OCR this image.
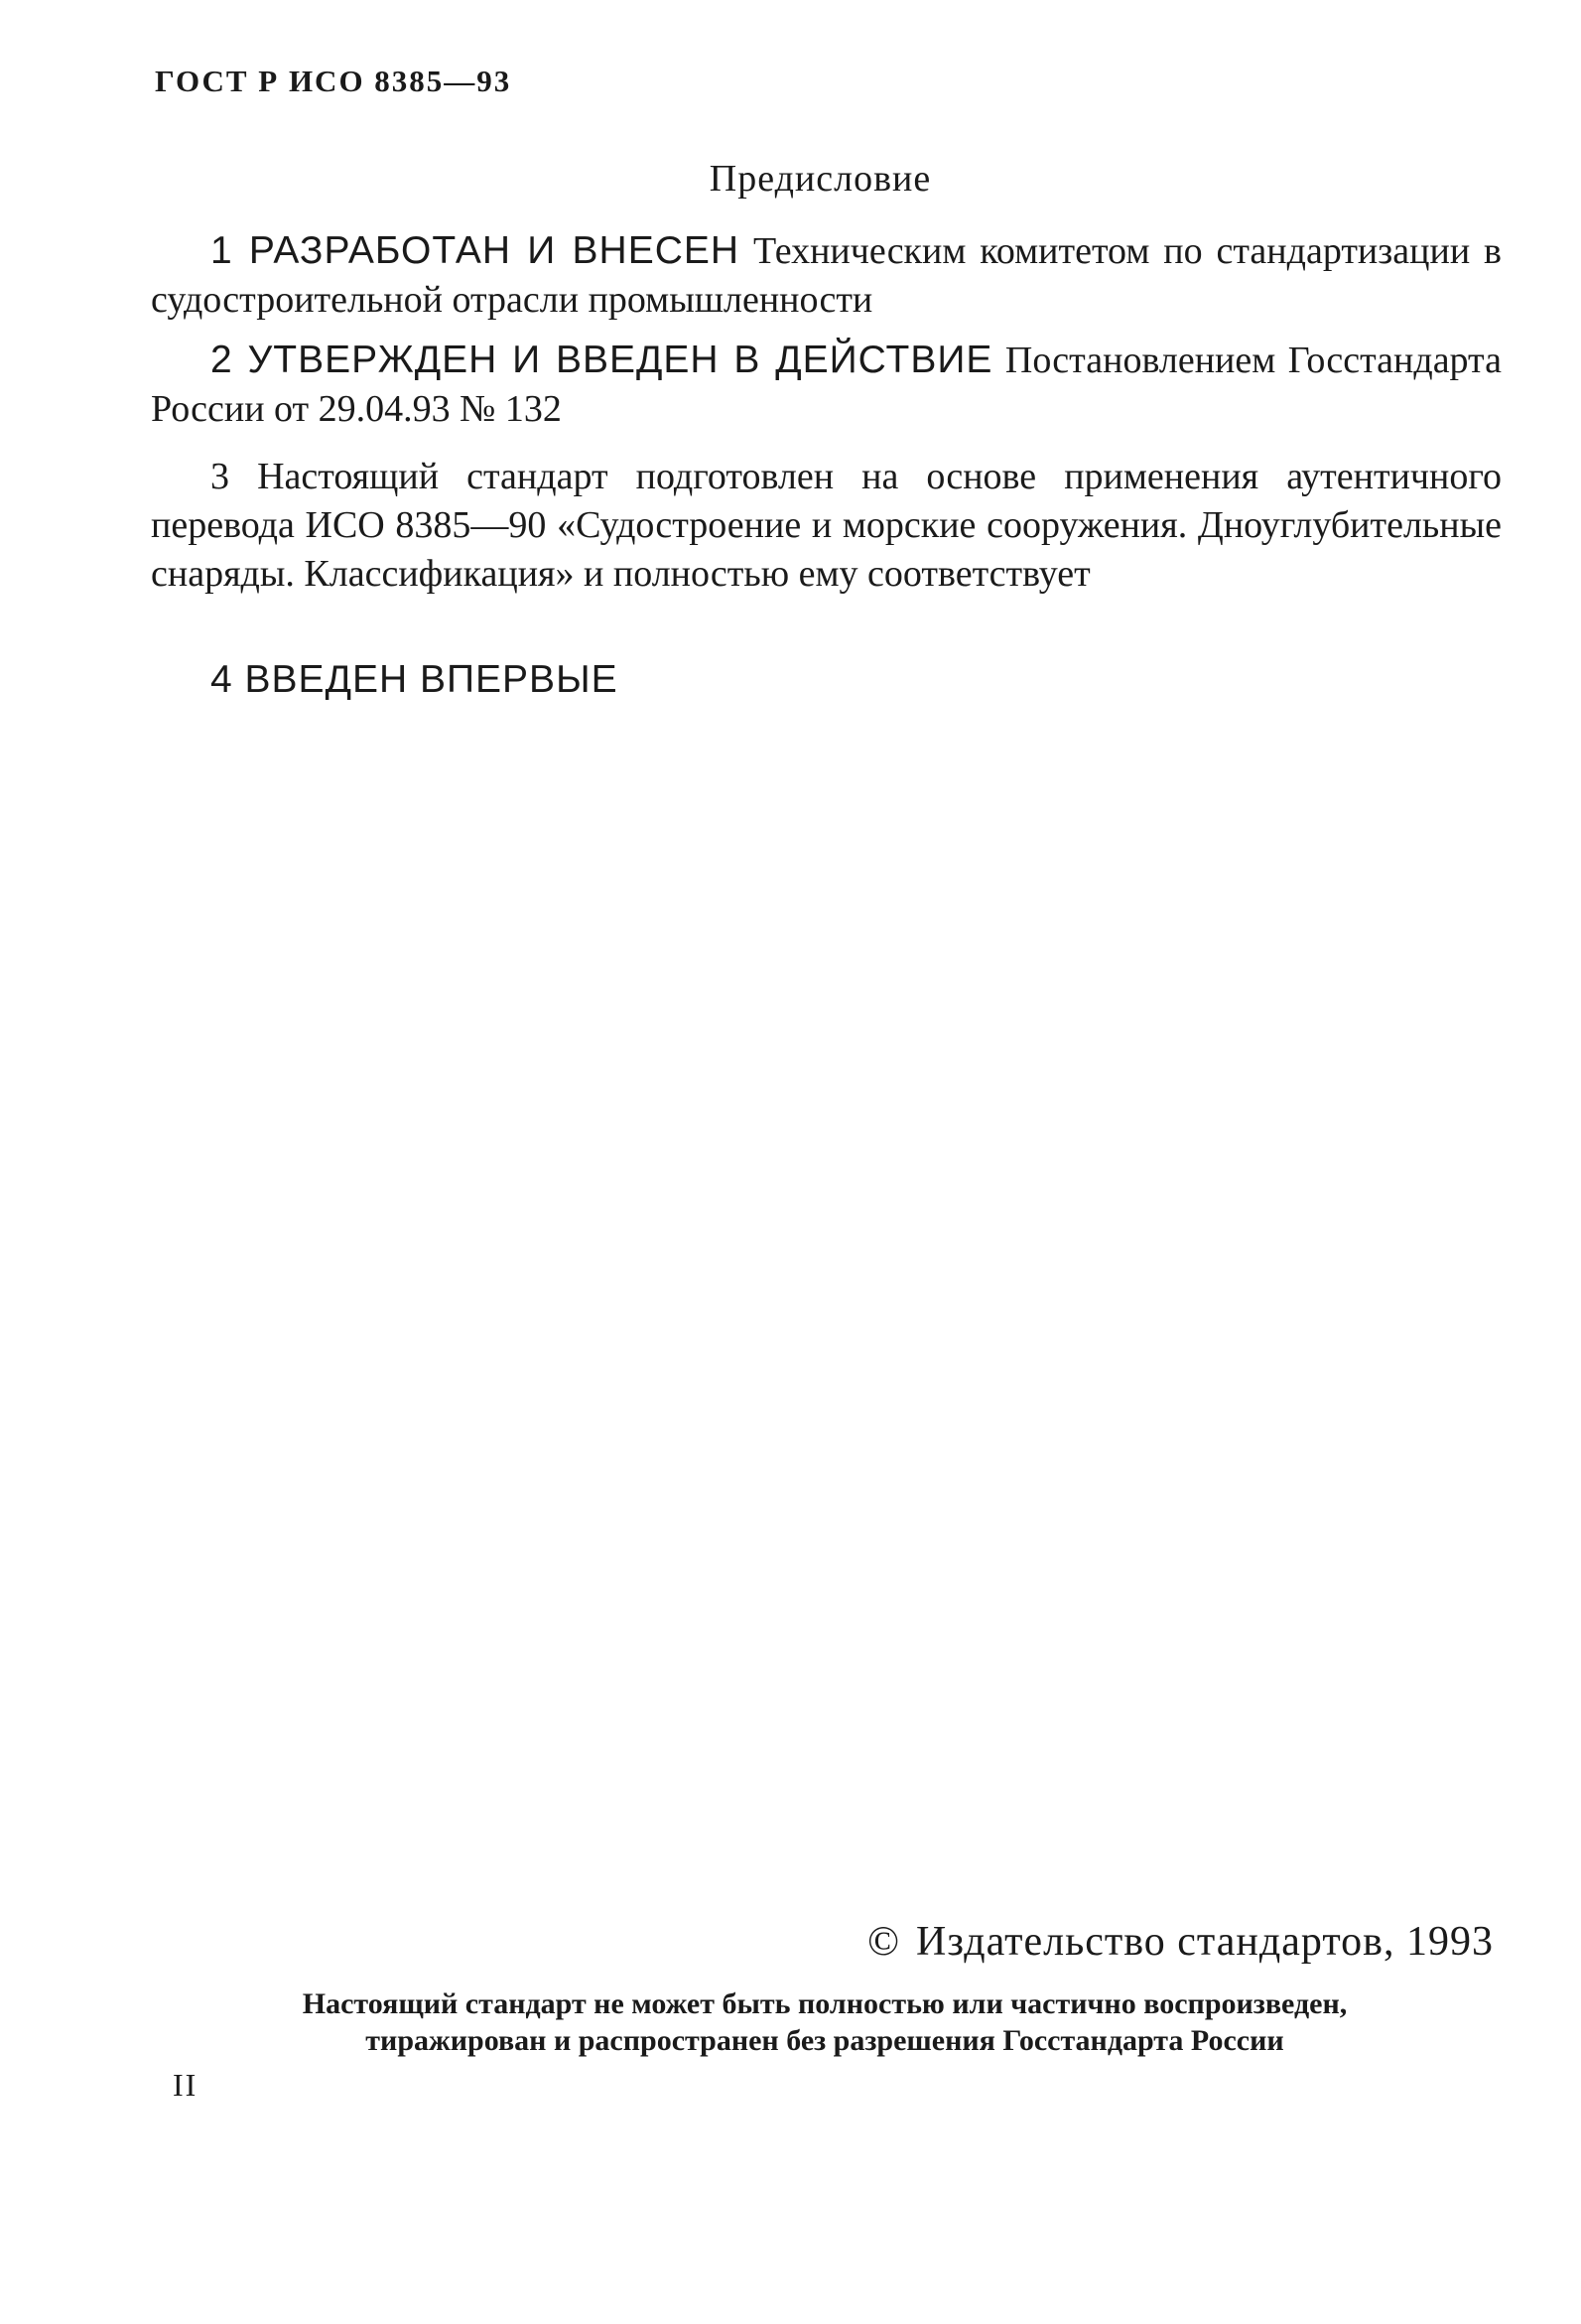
ГОСТ Р ИСО 8385—93
Предисловие
1 РАЗРАБОТАН И ВНЕСЕН Техническим комитетом по стандартизации в судостроительной отрасли промышленности
2 УТВЕРЖДЕН И ВВЕДЕН В ДЕЙСТВИЕ Постановлением Госстандарта России от 29.04.93 № 132
3 Настоящий стандарт подготовлен на основе применения аутентичного перевода ИСО 8385—90 «Судостроение и морские сооружения. Дноуглубительные снаряды. Классификация» и полностью ему соответствует
4 ВВЕДЕН ВПЕРВЫЕ
© Издательство стандартов, 1993
Настоящий стандарт не может быть полностью или частично воспроизведен,
тиражирован и распространен без разрешения Госстандарта России
II
